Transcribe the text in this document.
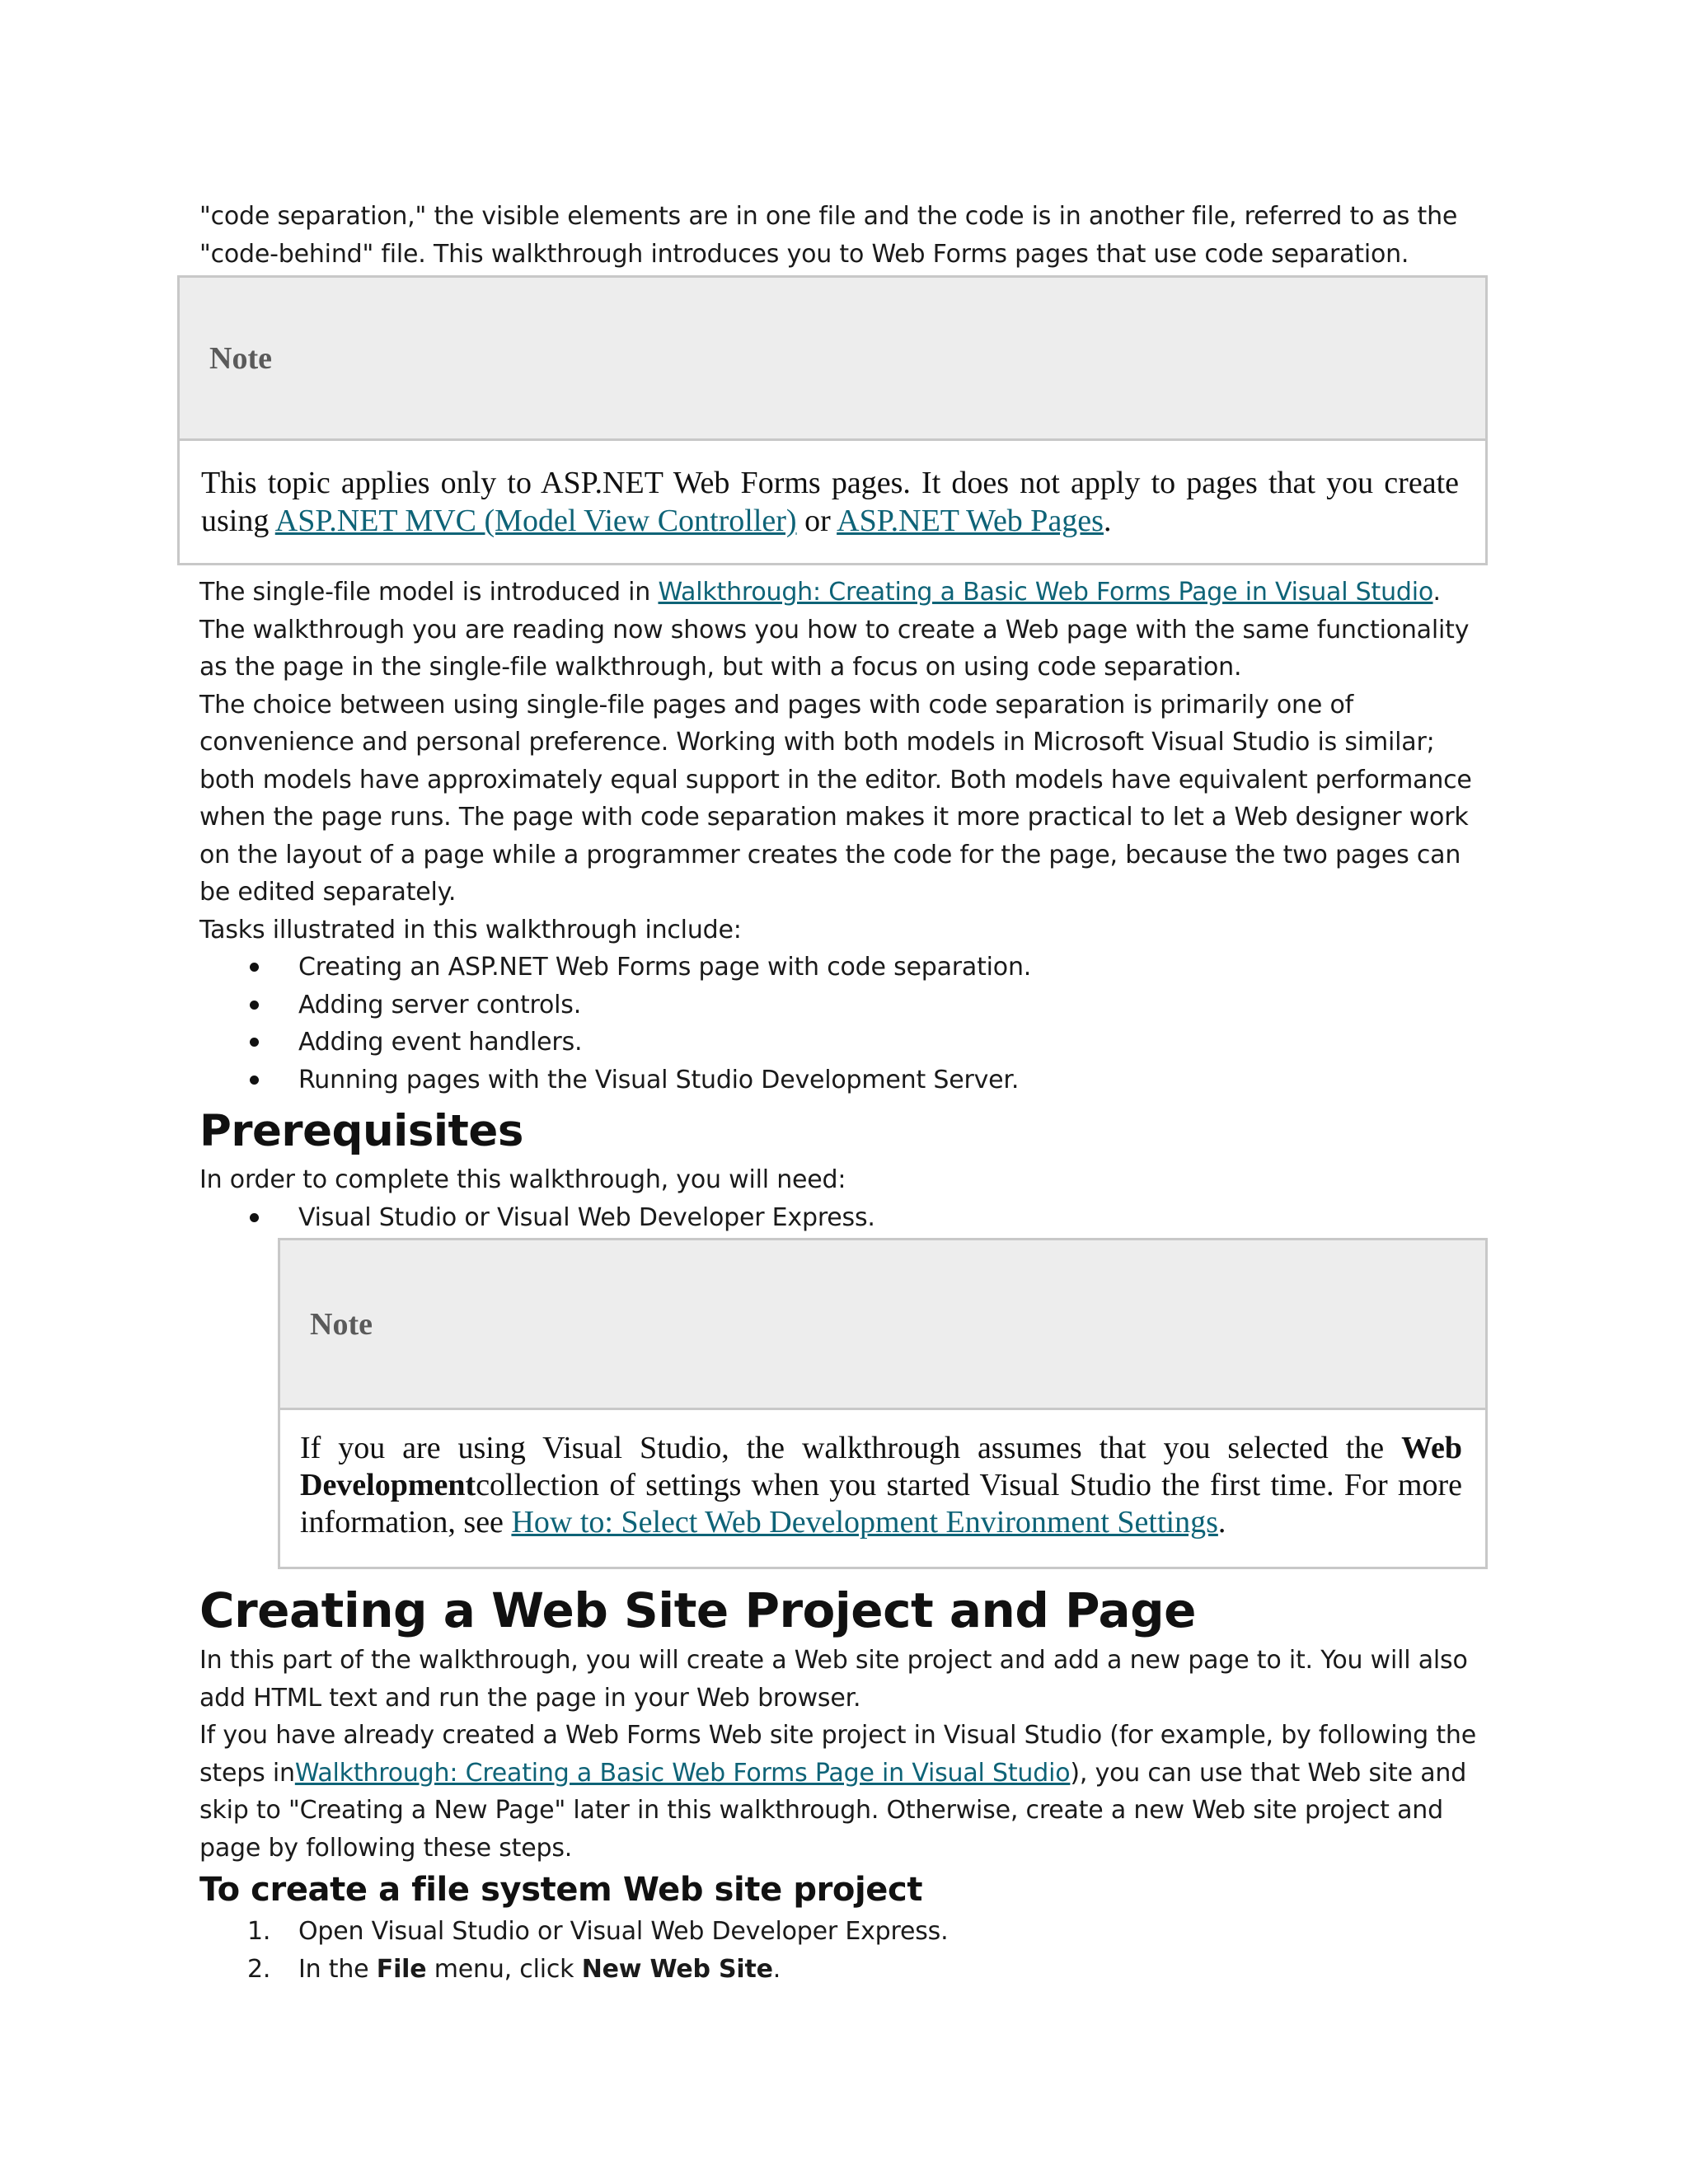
"code separation," the visible elements are in one file and the code is in another file, referred to as the
"code-behind" file. This walkthrough introduces you to Web Forms pages that use code separation.

Note
This topic applies only to ASP.NET Web Forms pages. It does not apply to pages that you create using ASP.NET MVC (Model View Controller) or ASP.NET Web Pages.

The single-file model is introduced in Walkthrough: Creating a Basic Web Forms Page in Visual Studio. The walkthrough you are reading now shows you how to create a Web page with the same functionality as the page in the single-file walkthrough, but with a focus on using code separation.

The choice between using single-file pages and pages with code separation is primarily one of convenience and personal preference. Working with both models in Microsoft Visual Studio is similar; both models have approximately equal support in the editor. Both models have equivalent performance when the page runs. The page with code separation makes it more practical to let a Web designer work on the layout of a page while a programmer creates the code for the page, because the two pages can be edited separately.

Tasks illustrated in this walkthrough include:

Creating an ASP.NET Web Forms page with code separation.
Adding server controls.
Adding event handlers.
Running pages with the Visual Studio Development Server.
Prerequisites

In order to complete this walkthrough, you will need:

Visual Studio or Visual Web Developer Express.
Note
If you are using Visual Studio, the walkthrough assumes that you selected the Web Developmentcollection of settings when you started Visual Studio the first time. For more information, see How to: Select Web Development Environment Settings.
Creating a Web Site Project and Page

In this part of the walkthrough, you will create a Web site project and add a new page to it. You will also add HTML text and run the page in your Web browser.

If you have already created a Web Forms Web site project in Visual Studio (for example, by following the steps inWalkthrough: Creating a Basic Web Forms Page in Visual Studio), you can use that Web site and skip to "Creating a New Page" later in this walkthrough. Otherwise, create a new Web site project and page by following these steps.

To create a file system Web site project
1. Open Visual Studio or Visual Web Developer Express.
2. In the File menu, click New Web Site.
